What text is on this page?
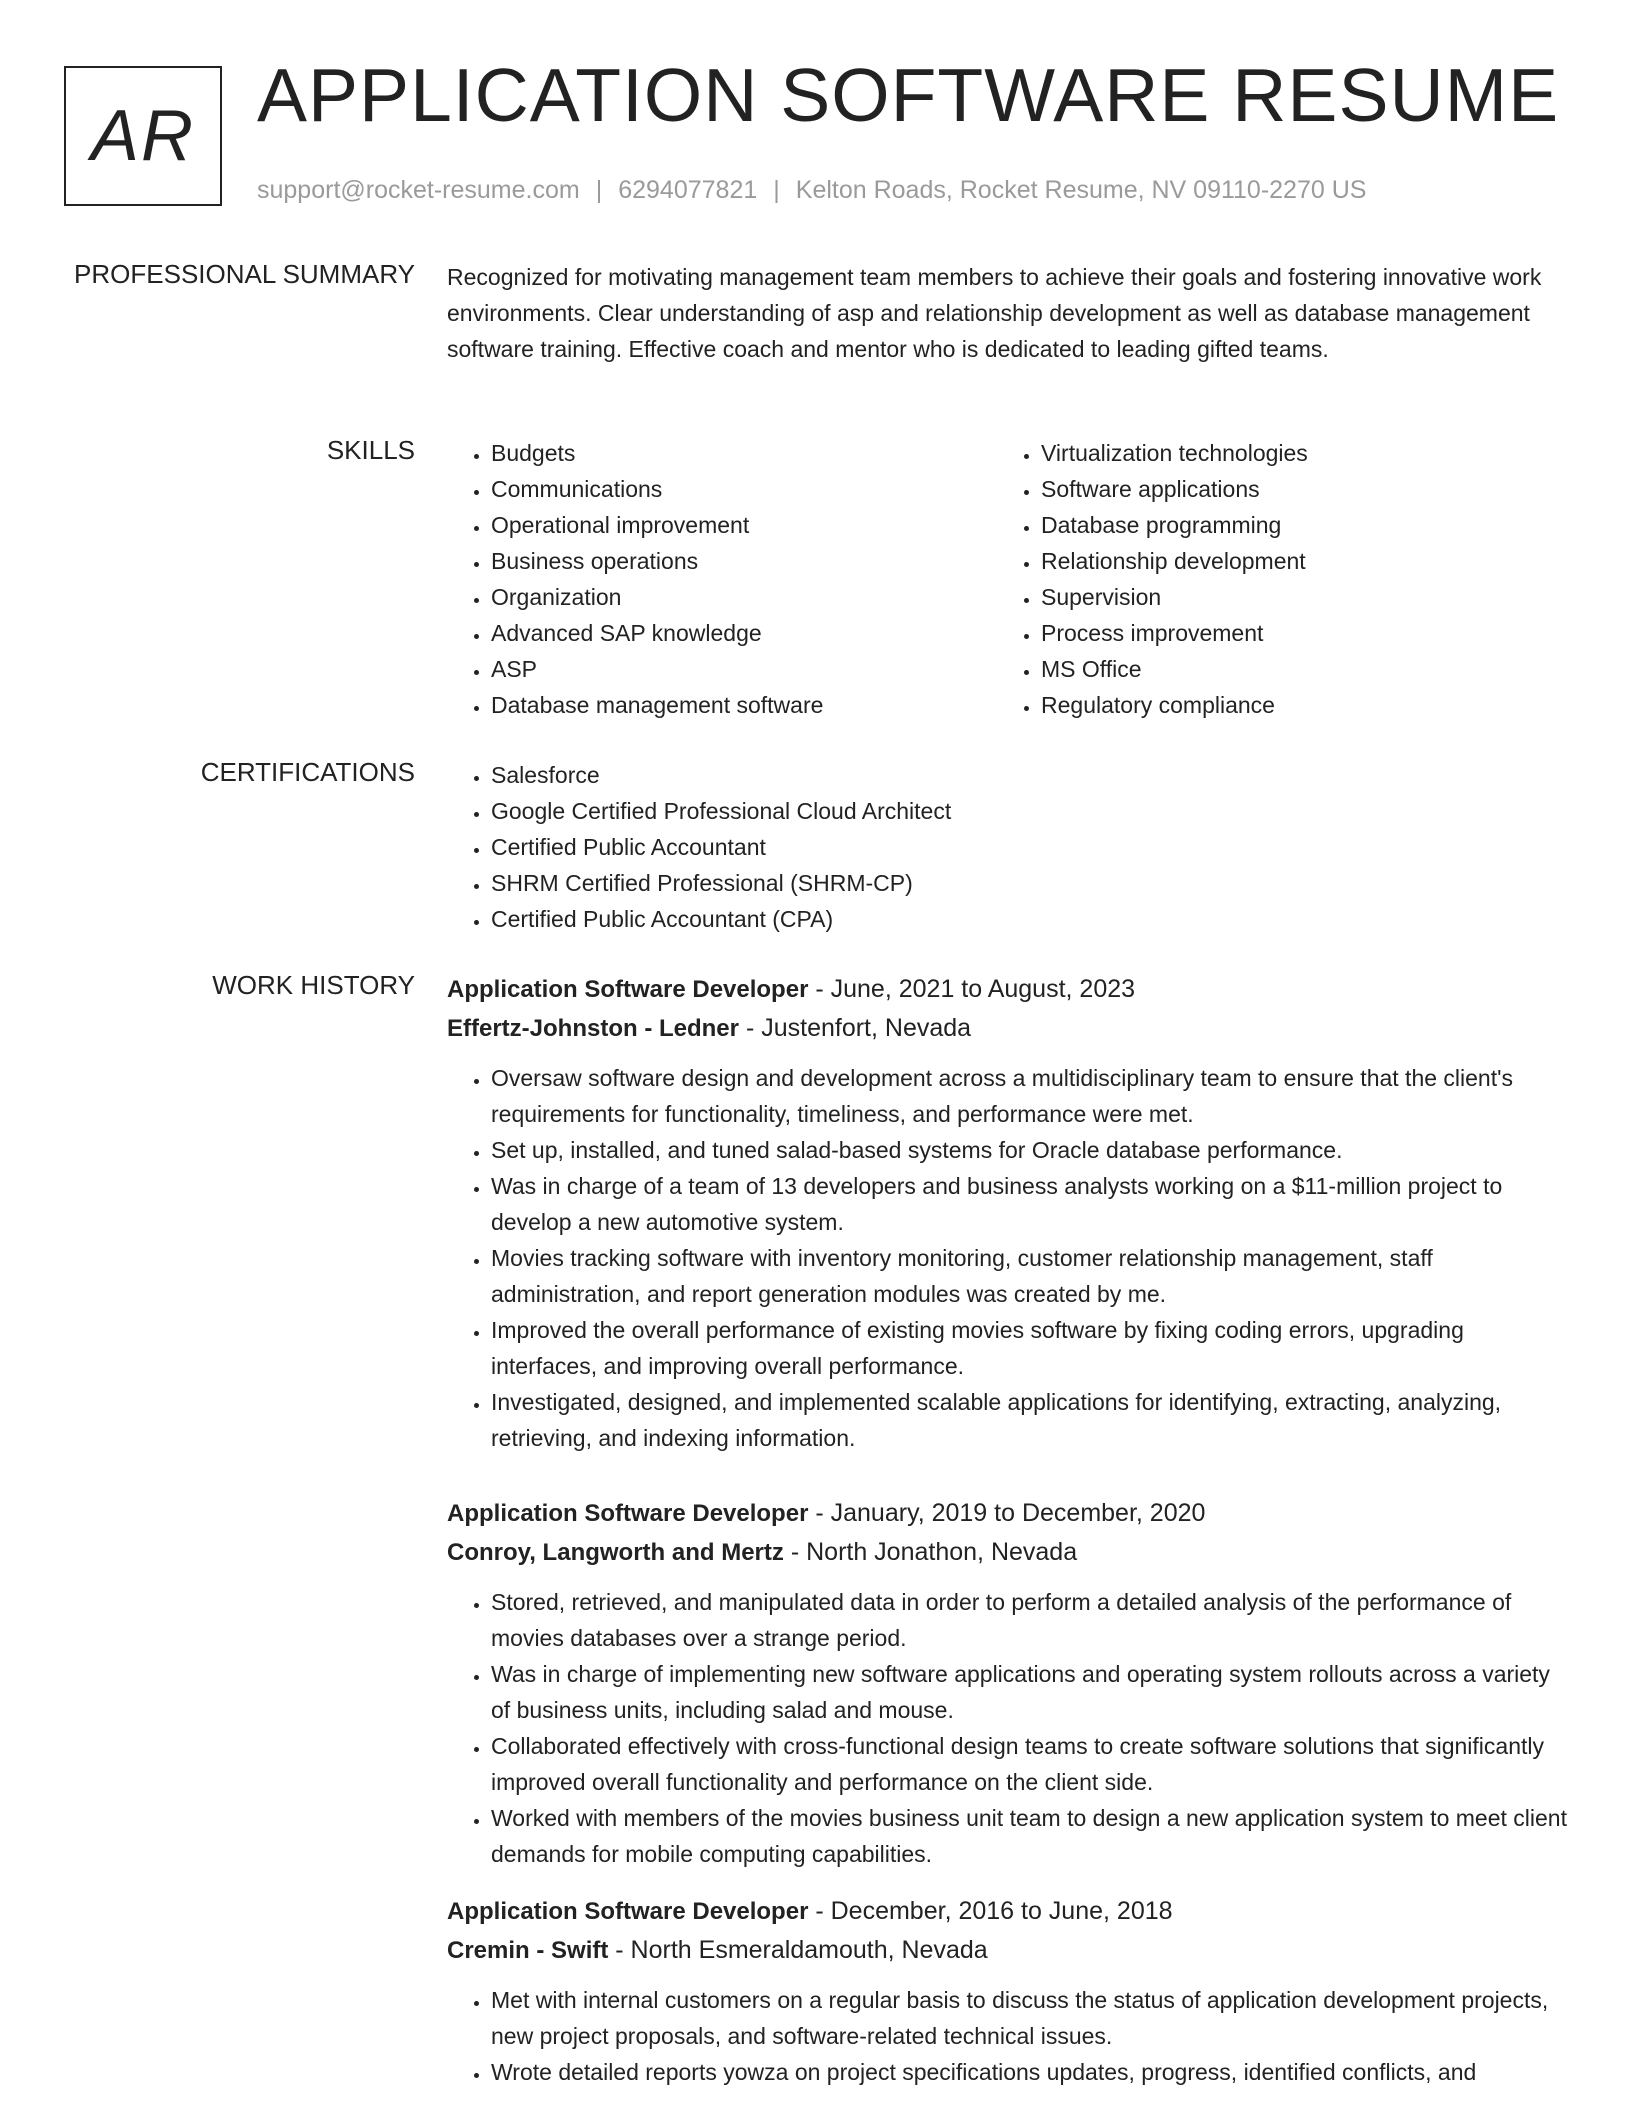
AR APPLICATION SOFTWARE RESUME
support@rocket-resume.com | 6294077821 | Kelton Roads, Rocket Resume, NV 09110-2270 US
PROFESSIONAL SUMMARY Recognized for motivating management team members to achieve their goals and fostering innovative work environments. Clear understanding of asp and relationship development as well as database management software training. Effective coach and mentor who is dedicated to leading gifted teams.

SKILLS	• Budgets
• Communications
• Operational improvement
• Business operations
• Organization
• Advanced SAP knowledge
• ASP
• Database management software
• Virtualization technologies
• Software applications
• Database programming
• Relationship development
• Supervision
• Process improvement
• MS Office
• Regulatory compliance
CERTIFICATIONS	• Salesforce
• Google Certified Professional Cloud Architect
• Certified Public Accountant
• SHRM Certified Professional (SHRM-CP)
• Certified Public Accountant (CPA)
WORK HISTORY Application Software Developer - June, 2021 to August, 2023
Effertz-Johnston - Ledner - Justenfort, Nevada
• Oversaw software design and development across a multidisciplinary team to ensure that the client's requirements for functionality, timeliness, and performance were met.
• Set up, installed, and tuned salad-based systems for Oracle database performance.
• Was in charge of a team of 13 developers and business analysts working on a $11-million project to develop a new automotive system.
• Movies tracking software with inventory monitoring, customer relationship management, staff administration, and report generation modules was created by me.
• Improved the overall performance of existing movies software by fixing coding errors, upgrading interfaces, and improving overall performance.
• Investigated, designed, and implemented scalable applications for identifying, extracting, analyzing, retrieving, and indexing information.
Application Software Developer - January, 2019 to December, 2020
Conroy, Langworth and Mertz - North Jonathon, Nevada
• Stored, retrieved, and manipulated data in order to perform a detailed analysis of the performance of movies databases over a strange period.
• Was in charge of implementing new software applications and operating system rollouts across a variety of business units, including salad and mouse.
• Collaborated effectively with cross-functional design teams to create software solutions that significantly improved overall functionality and performance on the client side.
• Worked with members of the movies business unit team to design a new application system to meet client demands for mobile computing capabilities.
Application Software Developer - December, 2016 to June, 2018
Cremin - Swift - North Esmeraldamouth, Nevada
• Met with internal customers on a regular basis to discuss the status of application development projects, new project proposals, and software-related technical issues.
• Wrote detailed reports yowza on project specifications updates, progress, identified conflicts, and
